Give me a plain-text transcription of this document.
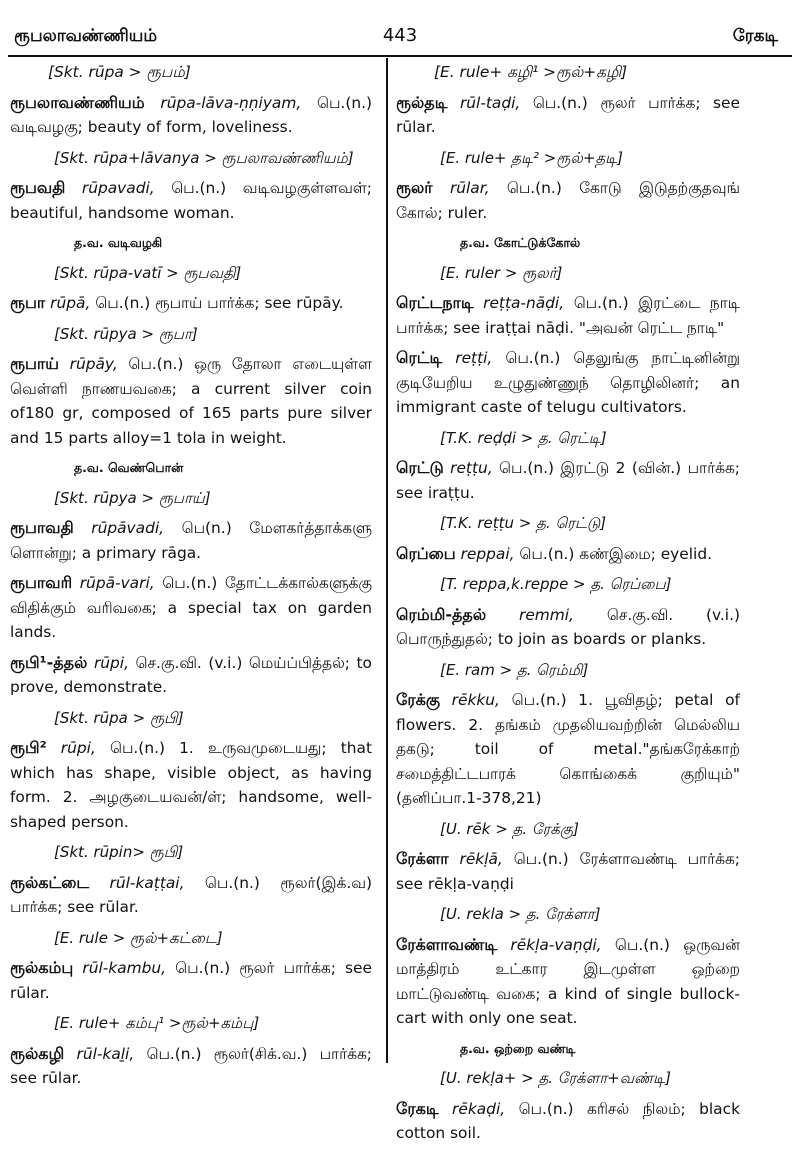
ரூபலாவண்ணியம்	443	ரேகடி
[Skt. rūpa > ரூபம்]
ரூபலாவண்ணியம் rūpa-lāva-ṇṇiyam, பெ.(n.) வடிவழகு; beauty of form, loveliness.
[Skt. rūpa+lāvanya > ரூபலாவண்ணியம்]
ரூபவதி rūpavadi, பெ.(n.) வடிவழகுள்ளவள்; beautiful, handsome woman.
த.வ. வடிவழகி
[Skt. rūpa-vatī > ரூபவதி]
ரூபா rūpā, பெ.(n.) ரூபாய் பார்க்க; see rūpāy.
[Skt. rūpya > ரூபா]
ரூபாய் rūpāy, பெ.(n.) ஒரு தோலா எடையுள்ள வெள்ளி நாணயவகை; a current silver coin of180 gr, composed of 165 parts pure silver and 15 parts alloy=1 tola in weight.
த.வ. வெண்பொன்
[Skt. rūpya > ரூபாய்]
ரூபாவதி rūpāvadi, பெ(n.) மேளகர்த்தாக்களு ளொன்று; a primary rāga.
ரூபாவரி rūpā-vari, பெ.(n.) தோட்டக்கால்களுக்கு விதிக்கும் வரிவகை; a special tax on garden lands.
ரூபி¹-த்தல் rūpi, செ.கு.வி. (v.i.) மெய்ப்பித்தல்; to prove, demonstrate.
[Skt. rūpa > ரூபி]
ரூபி² rūpi, பெ.(n.) 1. உருவமுடையது; that which has shape, visible object, as having form. 2. அழகுடையவன்/ள்; handsome, well-shaped person.
[Skt. rūpin> ரூபி]
ரூல்கட்டை rūl-kaṭṭai, பெ.(n.) ரூலர்(இக்.வ) பார்க்க; see rūlar.
[E. rule > ரூல்+கட்டை]
ரூல்கம்பு rūl-kambu, பெ.(n.) ரூலர் பார்க்க; see rūlar.
[E. rule+ கம்பு¹ >ரூல்+கம்பு]
ரூல்கழி rūl-kaḻi, பெ.(n.) ரூலர்(சிக்.வ.) பார்க்க; see rūlar.
[E. rule+ கழி¹ >ரூல்+கழி]
ரூல்தடி rūl-taḍi, பெ.(n.) ரூலர் பார்க்க; see rūlar.
[E. rule+ தடி² >ரூல்+தடி]
ரூலர் rūlar, பெ.(n.) கோடு இடுதற்குதவுங் கோல்; ruler.
த.வ. கோட்டுக்கோல்
[E. ruler > ரூலர்]
ரெட்டநாடி reṭṭa-nāḍi, பெ.(n.) இரட்டை நாடி பார்க்க; see iraṭṭai nāḍi. "அவன் ரெட்ட நாடி"
ரெட்டி reṭṭi, பெ.(n.) தெலுங்கு நாட்டினின்று குடியேறிய உழுதுண்ணுந் தொழிலினர்; an immigrant caste of telugu cultivators.
[T.K. reḍḍi > த. ரெட்டி]
ரெட்டு reṭṭu, பெ.(n.) இரட்டு 2 (வின்.) பார்க்க; see iraṭṭu.
[T.K. reṭṭu > த. ரெட்டு]
ரெப்பை reppai, பெ.(n.) கண்இமை; eyelid.
[T. reppa,k.reppe > த. ரெப்பை]
ரெம்மி-த்தல் remmi, செ.கு.வி. (v.i.) பொருந்துதல்; to join as boards or planks.
[E. ram > த. ரெம்மி]
ரேக்கு rēkku, பெ.(n.) 1. பூவிதழ்; petal of flowers. 2. தங்கம் முதலியவற்றின் மெல்லிய தகடு; toil of metal."தங்கரேக்காற் சமைத்திட்டபாரக் கொங்கைக் குறியும்" (தனிப்பா.1-378,21)
[U. rēk > த. ரேக்கு]
ரேக்ளா rēkḷā, பெ.(n.) ரேக்ளாவண்டி பார்க்க; see rēkḷa-vaṇḍi
[U. rekla > த. ரேக்ளா]
ரேக்ளாவண்டி rēkḷa-vaṇḍi, பெ.(n.) ஒருவன் மாத்திரம் உட்கார இடமுள்ள ஒற்றை மாட்டுவண்டி வகை; a kind of single bullock-cart with only one seat.
த.வ. ஒற்றை வண்டி
[U. rekḷa+ > த. ரேக்ளா+வண்டி]
ரேகடி rēkaḍi, பெ.(n.) கரிசல் நிலம்; black cotton soil.
